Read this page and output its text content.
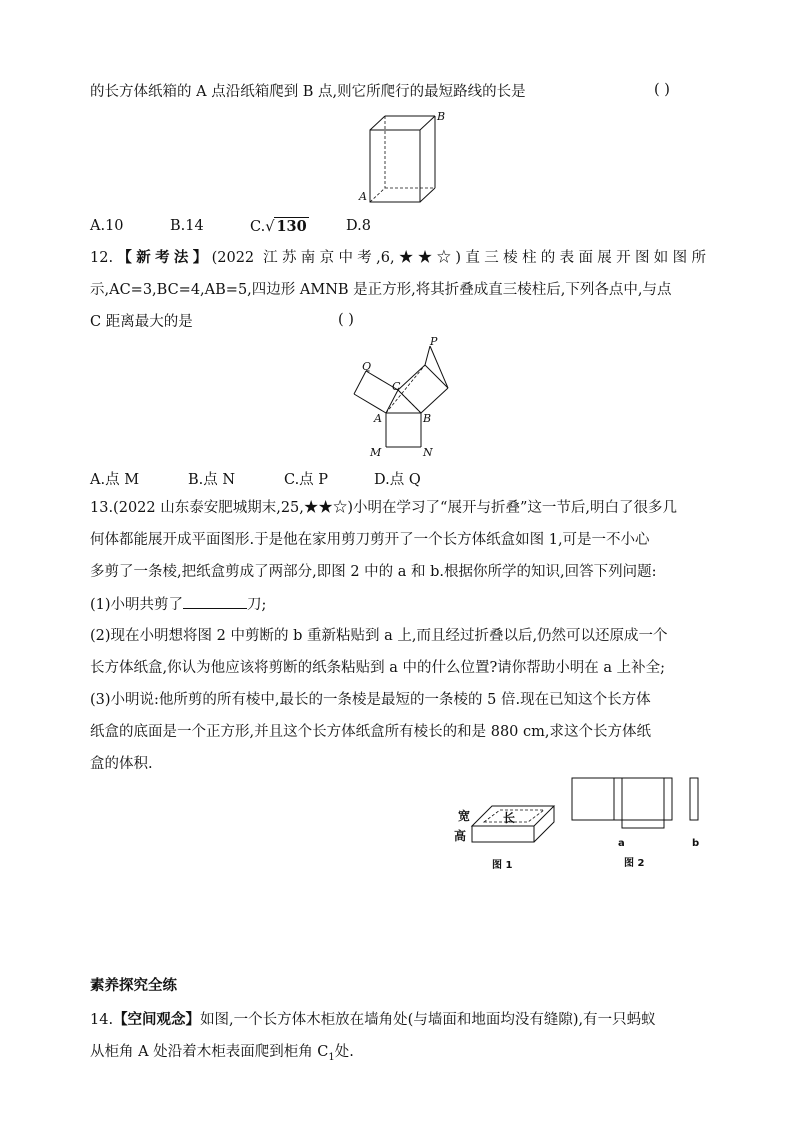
的长方体纸箱的 A 点沿纸箱爬到 B 点,则它所爬行的最短路线的长是	( )
A
B
A.10	B.14	C.√ 130	D.8
12.【新考法】(2022 江苏南京中考,6,★★☆)直三棱柱的表面展开图如图所
示,AC=3,BC=4,AB=5,四边形 AMNB 是正方形,将其折叠成直三棱柱后,下列各点中,与点
C 距离最大的是	( )
P
Q
C
A	B
M	N
A.点 M	B.点 N	C.点 P	D.点 Q
13.(2022 山东泰安肥城期末,25,★★☆)小明在学习了“展开与折叠”这一节后,明白了很多几
何体都能展开成平面图形.于是他在家用剪刀剪开了一个长方体纸盒如图 1,可是一不小心
多剪了一条棱,把纸盒剪成了两部分,即图 2 中的 a 和 b.根据你所学的知识,回答下列问题:
(1)小明共剪了	刀;
(2)现在小明想将图 2 中剪断的 b 重新粘贴到 a 上,而且经过折叠以后,仍然可以还原成一个
长方体纸盒,你认为他应该将剪断的纸条粘贴到 a 中的什么位置?请你帮助小明在 a 上补全;
(3)小明说:他所剪的所有棱中,最长的一条棱是最短的一条棱的 5 倍.现在已知这个长方体
纸盒的底面是一个正方形,并且这个长方体纸盒所有棱长的和是 880 cm,求这个长方体纸
盒的体积.
宽	长
高
图 1
a	b
图 2
素养探究全练
14.【空间观念】如图,一个长方体木柜放在墙角处(与墙面和地面均没有缝隙),有一只蚂蚁
从柜角 A 处沿着木柜表面爬到柜角 $C_1$处.
